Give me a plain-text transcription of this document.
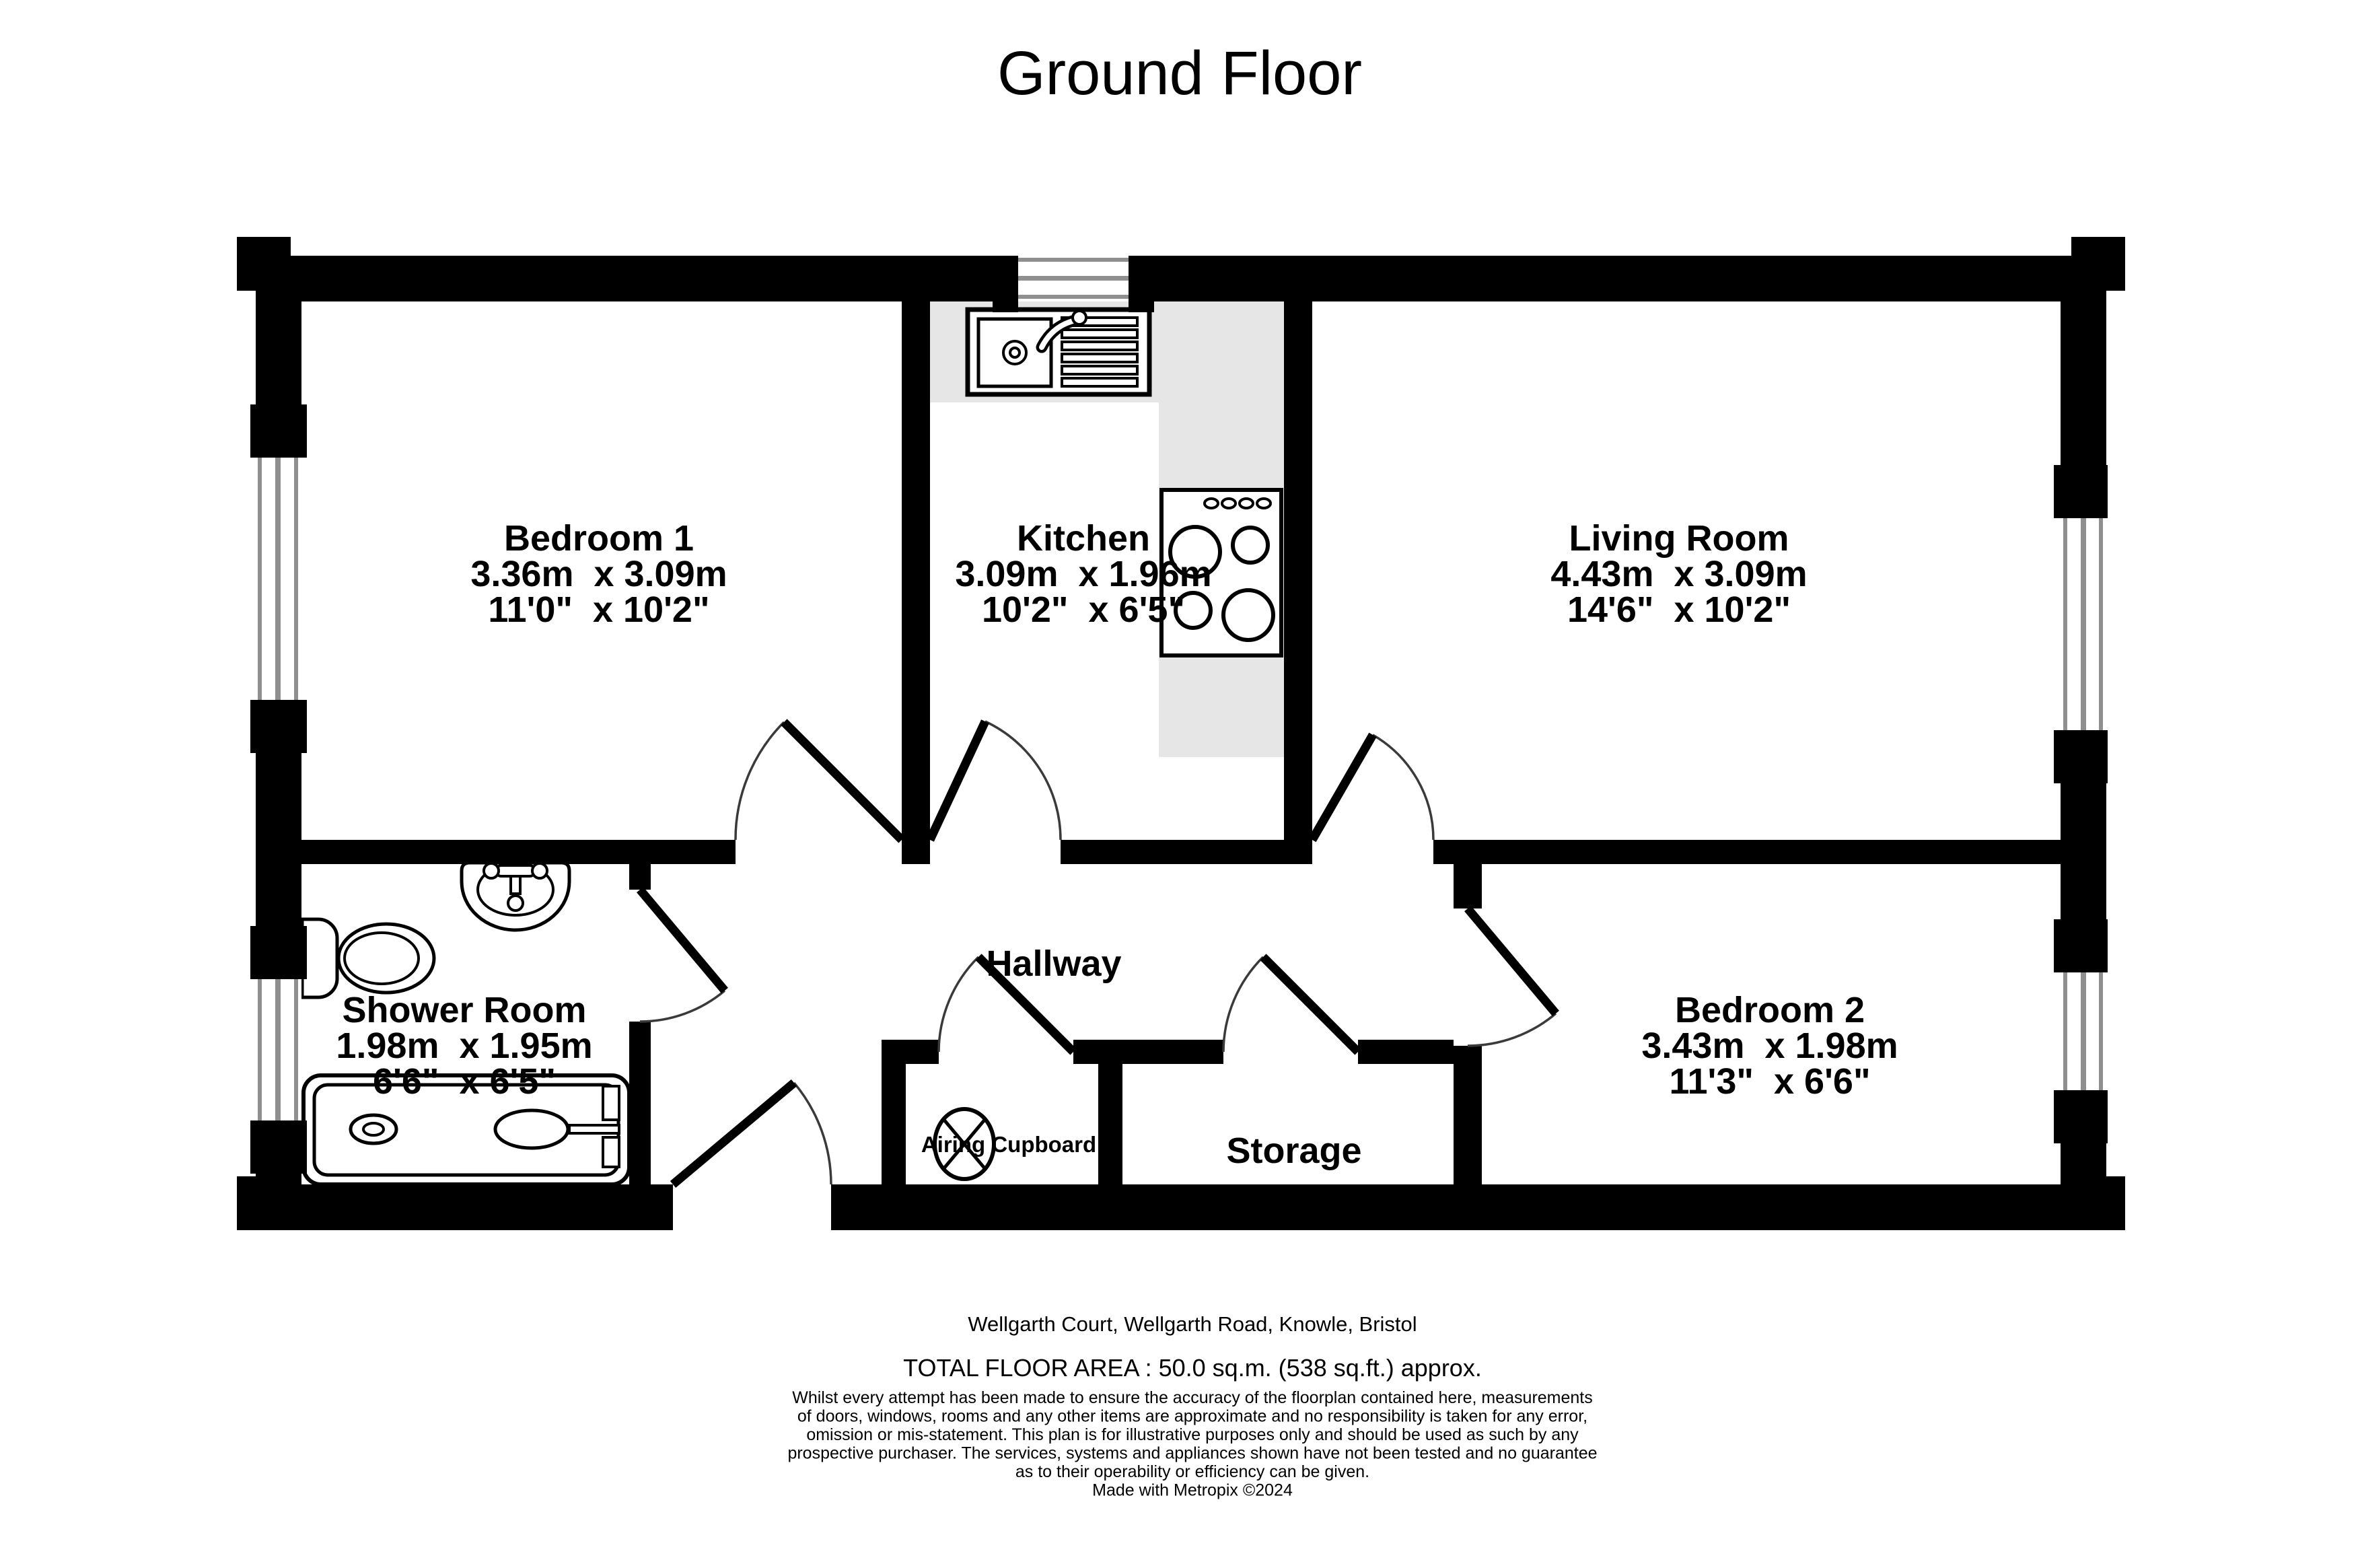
Ground Floor
Bedroom 1
3.36m  x 3.09m
11'0"  x 10'2"
Kitchen
3.09m  x 1.96m
10'2"  x 6'5"
Living Room
4.43m  x 3.09m
14'6"  x 10'2"
Shower Room
1.98m  x 1.95m
6'6"  x 6'5"
Bedroom 2
3.43m  x 1.98m
11'3"  x 6'6"
Hallway
Airing Cupboard	Storage
Wellgarth Court, Wellgarth Road, Knowle, Bristol
TOTAL FLOOR AREA : 50.0 sq.m. (538 sq.ft.) approx.
Whilst every attempt has been made to ensure the accuracy of the floorplan contained here, measurements
of doors, windows, rooms and any other items are approximate and no responsibility is taken for any error,
omission or mis-statement. This plan is for illustrative purposes only and should be used as such by any
prospective purchaser. The services, systems and appliances shown have not been tested and no guarantee
as to their operability or efficiency can be given.
Made with Metropix ©2024
